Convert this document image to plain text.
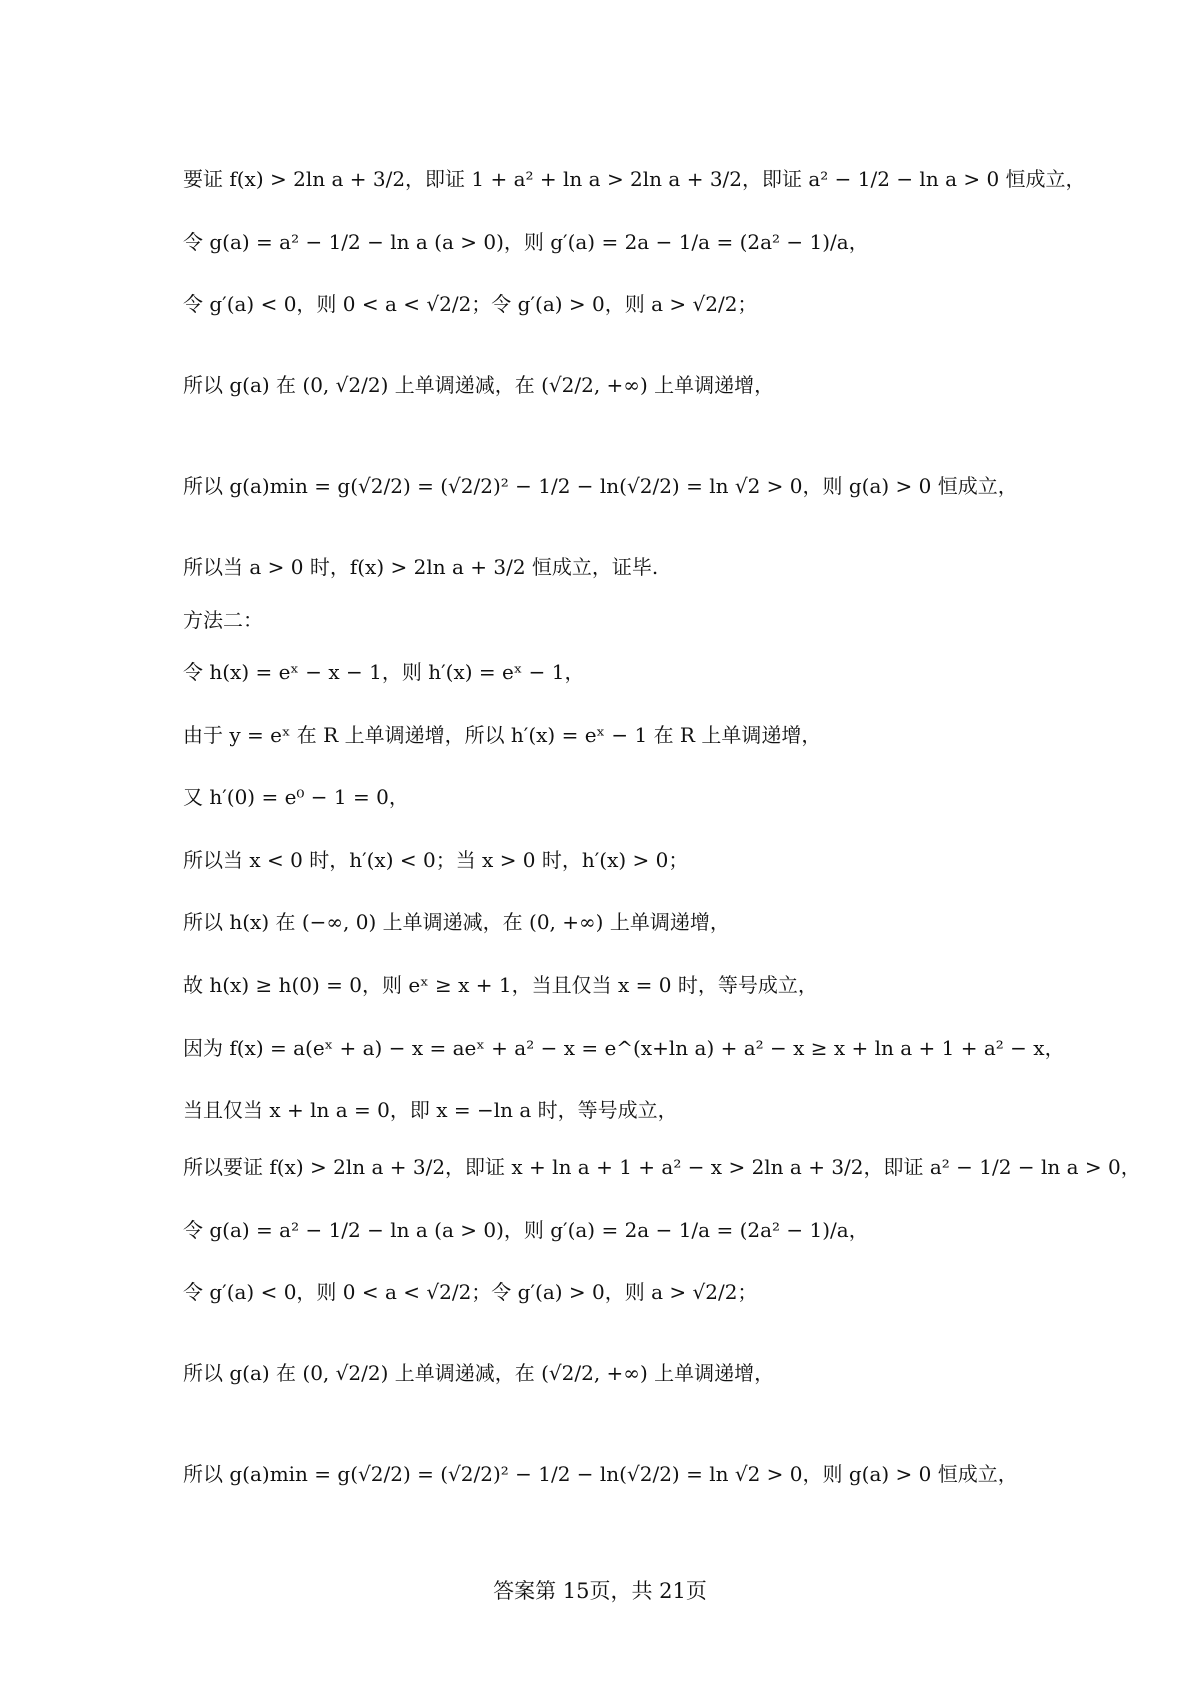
要证 f(x) > 2ln a + 3/2，即证 1 + a² + ln a > 2ln a + 3/2，即证 a² − 1/2 − ln a > 0 恒成立，
令 g(a) = a² − 1/2 − ln a (a > 0)，则 g′(a) = 2a − 1/a = (2a² − 1)/a，
令 g′(a) < 0，则 0 < a < √2/2；令 g′(a) > 0，则 a > √2/2；
所以 g(a) 在 (0, √2/2) 上单调递减，在 (√2/2, +∞) 上单调递增，
所以 g(a)min = g(√2/2) = (√2/2)² − 1/2 − ln(√2/2) = ln √2 > 0，则 g(a) > 0 恒成立，
所以当 a > 0 时，f(x) > 2ln a + 3/2 恒成立，证毕.
方法二：
令 h(x) = eˣ − x − 1，则 h′(x) = eˣ − 1，
由于 y = eˣ 在 R 上单调递增，所以 h′(x) = eˣ − 1 在 R 上单调递增，
又 h′(0) = e⁰ − 1 = 0，
所以当 x < 0 时，h′(x) < 0；当 x > 0 时，h′(x) > 0；
所以 h(x) 在 (−∞, 0) 上单调递减，在 (0, +∞) 上单调递增，
故 h(x) ≥ h(0) = 0，则 eˣ ≥ x + 1，当且仅当 x = 0 时，等号成立，
因为 f(x) = a(eˣ + a) − x = aeˣ + a² − x = e^(x+ln a) + a² − x ≥ x + ln a + 1 + a² − x，
当且仅当 x + ln a = 0，即 x = −ln a 时，等号成立，
所以要证 f(x) > 2ln a + 3/2，即证 x + ln a + 1 + a² − x > 2ln a + 3/2，即证 a² − 1/2 − ln a > 0，
令 g(a) = a² − 1/2 − ln a (a > 0)，则 g′(a) = 2a − 1/a = (2a² − 1)/a，
令 g′(a) < 0，则 0 < a < √2/2；令 g′(a) > 0，则 a > √2/2；
所以 g(a) 在 (0, √2/2) 上单调递减，在 (√2/2, +∞) 上单调递增，
所以 g(a)min = g(√2/2) = (√2/2)² − 1/2 − ln(√2/2) = ln √2 > 0，则 g(a) > 0 恒成立，
答案第 15页，共 21页
